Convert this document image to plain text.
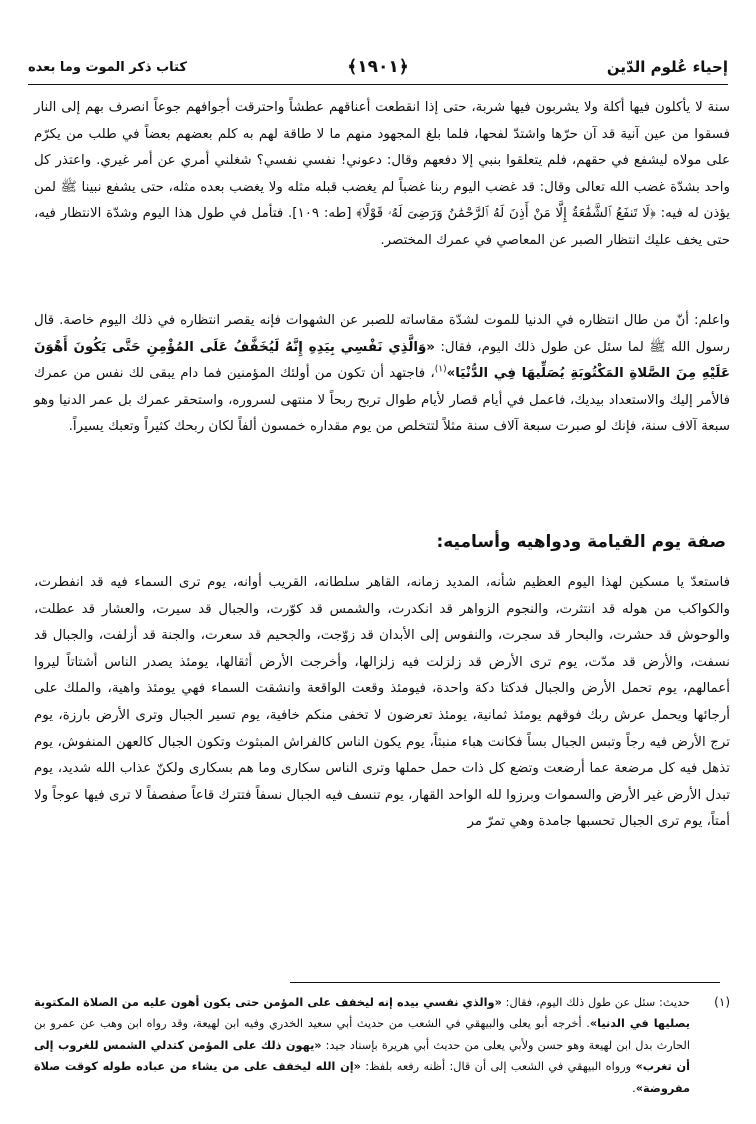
إحياء عُلوم الدّين
﴿١٩٠١﴾
كتاب ذكر الموت وما بعده

سنة لا يأكلون فيها أكلة ولا يشربون فيها شربة، حتى إذا انقطعت أعناقهم عطشاً واحترقت أجوافهم جوعاً انصرف بهم إلى النار فسقوا من عين آنية قد آن حرّها واشتدّ لفحها، فلما بلغ المجهود منهم ما لا طاقة لهم به كلم بعضهم بعضاً في طلب من يكرّم على مولاه ليشفع في حقهم، فلم يتعلقوا بنبي إلا دفعهم وقال: دعوني! نفسي نفسي؟ شغلني أمري عن أمر غيري. واعتذر كل واحد بشدّة غضب الله تعالى وقال: قد غضب اليوم ربنا غضباً لم يغضب قبله مثله ولا يغضب بعده مثله، حتى يشفع نبينا ﷺ لمن يؤذن له فيه: ﴿لَا تَنفَعُ ٱلشَّفَٰعَةُ إِلَّا مَنْ أَذِنَ لَهُ ٱلرَّحْمَٰنُ وَرَضِىَ لَهُۥ قَوْلًا﴾ [طه: ١٠٩]. فتأمل في طول هذا اليوم وشدّة الانتظار فيه، حتى يخف عليك انتظار الصبر عن المعاصي في عمرك المختصر.

واعلم: أنّ من طال انتظاره في الدنيا للموت لشدّة مقاساته للصبر عن الشهوات فإنه يقصر انتظاره في ذلك اليوم خاصة. قال رسول الله ﷺ لما سئل عن طول ذلك اليوم، فقال: «وَالَّذِي نَفْسِي بِيَدِهِ إِنَّهُ لَيُخَفَّفُ عَلَى المُؤْمِنِ حَتَّى يَكُونَ أَهْوَنَ عَلَيْهِ مِنَ الصَّلاةِ المَكْتُوبَةِ يُصَلِّيهَا فِي الدُّنْيَا»$^{(١)}$، فاجتهد أن تكون من أولئك المؤمنين فما دام يبقى لك نفس من عمرك فالأمر إليك والاستعداد بيديك، فاعمل في أيام قصار لأيام طوال تربح ربحاً لا منتهى لسروره، واستحقر عمرك بل عمر الدنيا وهو سبعة آلاف سنة، فإنك لو صبرت سبعة آلاف سنة مثلاً لتتخلص من يوم مقداره خمسون ألفاً لكان ربحك كثيراً وتعبك يسيراً.

صفة يوم القيامة ودواهيه وأساميه:

فاستعدّ يا مسكين لهذا اليوم العظيم شأنه، المديد زمانه، القاهر سلطانه، القريب أوانه، يوم ترى السماء فيه قد انفطرت، والكواكب من هوله قد انتثرت، والنجوم الزواهر قد انكدرت، والشمس قد كوّرت، والجبال قد سيرت، والعشار قد عطلت، والوحوش قد حشرت، والبحار قد سجرت، والنفوس إلى الأبدان قد زوّجت، والجحيم قد سعرت، والجنة قد أزلفت، والجبال قد نسفت، والأرض قد مدّت، يوم ترى الأرض قد زلزلت فيه زلزالها، وأخرجت الأرض أثقالها، يومئذ يصدر الناس أشتاتاً ليروا أعمالهم، يوم تحمل الأرض والجبال فدكتا دكة واحدة، فيومئذ وقعت الواقعة وانشقت السماء فهي يومئذ واهية، والملك على أرجائها ويحمل عرش ربك فوقهم يومئذ ثمانية، يومئذ تعرضون لا تخفى منكم خافية، يوم تسير الجبال وترى الأرض بارزة، يوم ترج الأرض فيه رجاً وتبس الجبال بساً فكانت هباء منبثاً، يوم يكون الناس كالفراش المبثوث وتكون الجبال كالعهن المنفوش، يوم تذهل فيه كل مرضعة عما أرضعت وتضع كل ذات حمل حملها وترى الناس سكارى وما هم بسكارى ولكنّ عذاب الله شديد، يوم تبدل الأرض غير الأرض والسموات وبرزوا لله الواحد القهار، يوم تنسف فيه الجبال نسفاً فتترك قاعاً صفصفاً لا ترى فيها عوجاً ولا أمتاً، يوم ترى الجبال تحسبها جامدة وهي تمرّ مر

(١)

حديث: سئل عن طول ذلك اليوم، فقال: «والذي نفسي بيده إنه ليخفف على المؤمن حتى يكون أهون عليه من الصلاة المكتوبة يصليها في الدنيا». أخرجه أبو يعلى والبيهقي في الشعب من حديث أبي سعيد الخدري وفيه ابن لهيعة، وقد رواه ابن وهب عن عمرو بن الحارث بدل ابن لهيعة وهو حسن ولأبي يعلى من حديث أبي هريرة بإسناد جيد: «يهون ذلك على المؤمن كتدلي الشمس للغروب إلى أن تغرب» ورواه البيهقي في الشعب إلى أن قال: أظنه رفعه بلفظ: «إن الله ليخفف على من يشاء من عباده طوله كوقت صلاة مفروضة».
